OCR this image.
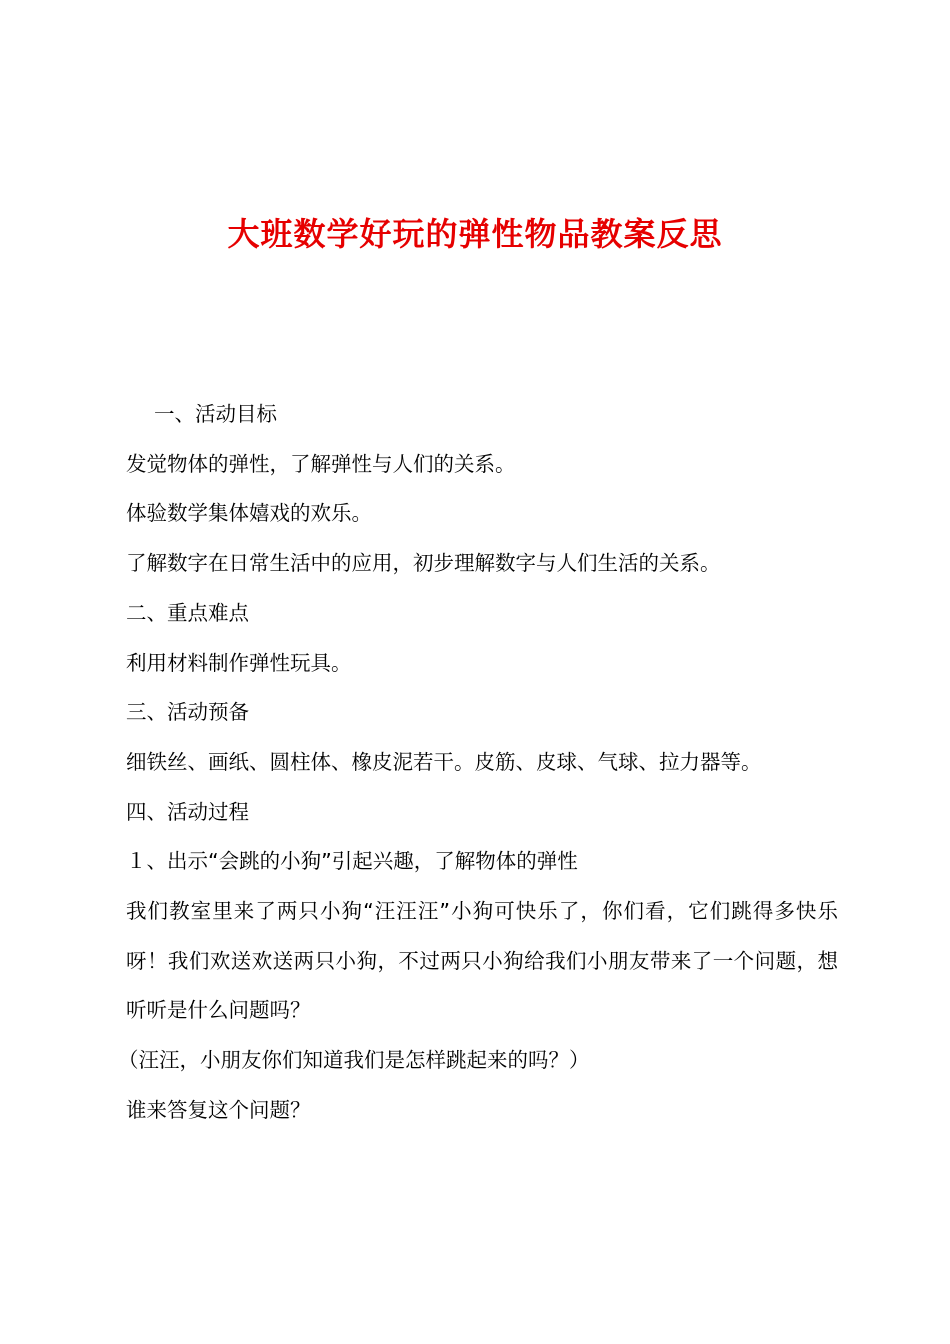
大班数学好玩的弹性物品教案反思

一、活动目标

发觉物体的弹性，了解弹性与人们的关系。

体验数学集体嬉戏的欢乐。

了解数字在日常生活中的应用，初步理解数字与人们生活的关系。

二、重点难点

利用材料制作弹性玩具。

三、活动预备

细铁丝、画纸、圆柱体、橡皮泥若干。皮筋、皮球、气球、拉力器等。

四、活动过程

１、出示“会跳的小狗”引起兴趣，了解物体的弹性

我们教室里来了两只小狗“汪汪汪”小狗可快乐了，你们看，它们跳得多快乐呀！我们欢送欢送两只小狗，不过两只小狗给我们小朋友带来了一个问题，想听听是什么问题吗？

（汪汪，小朋友你们知道我们是怎样跳起来的吗？）

谁来答复这个问题？
